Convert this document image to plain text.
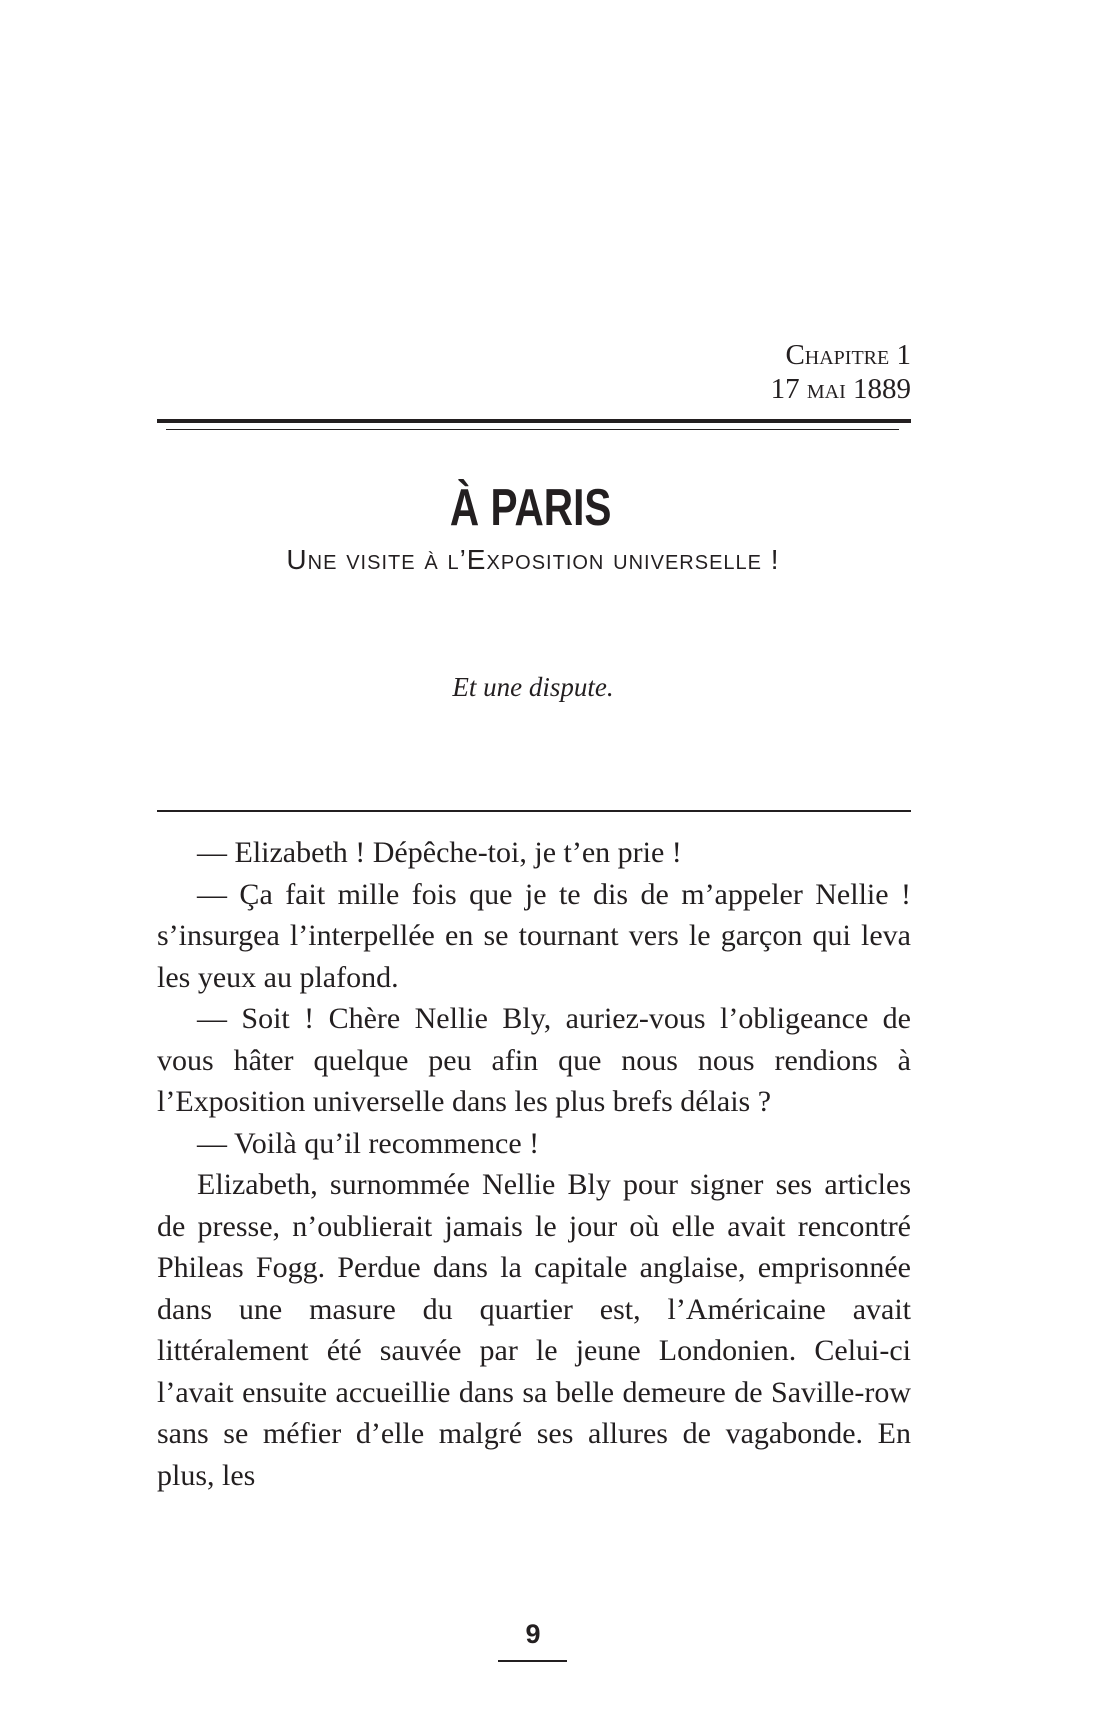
Chapitre 1
17 mai 1889
À PARIS
Une visite à l’Exposition universelle !
Et une dispute.

— Elizabeth ! Dépêche-toi, je t’en prie !

— Ça fait mille fois que je te dis de m’appeler Nellie ! s’insurgea l’interpellée en se tournant vers le garçon qui leva les yeux au plafond.

— Soit ! Chère Nellie Bly, auriez-vous l’obligeance de vous hâter quelque peu afin que nous nous rendions à l’Exposition universelle dans les plus brefs délais ?

— Voilà qu’il recommence !

Elizabeth, surnommée Nellie Bly pour signer ses articles de presse, n’oublierait jamais le jour où elle avait rencontré Phileas Fogg. Perdue dans la capitale anglaise, emprisonnée dans une masure du quartier est, l’Américaine avait littéralement été sauvée par le jeune Londonien. Celui-ci l’avait ensuite accueillie dans sa belle demeure de Saville-row sans se méfier d’elle malgré ses allures de vagabonde. En plus, les

9
